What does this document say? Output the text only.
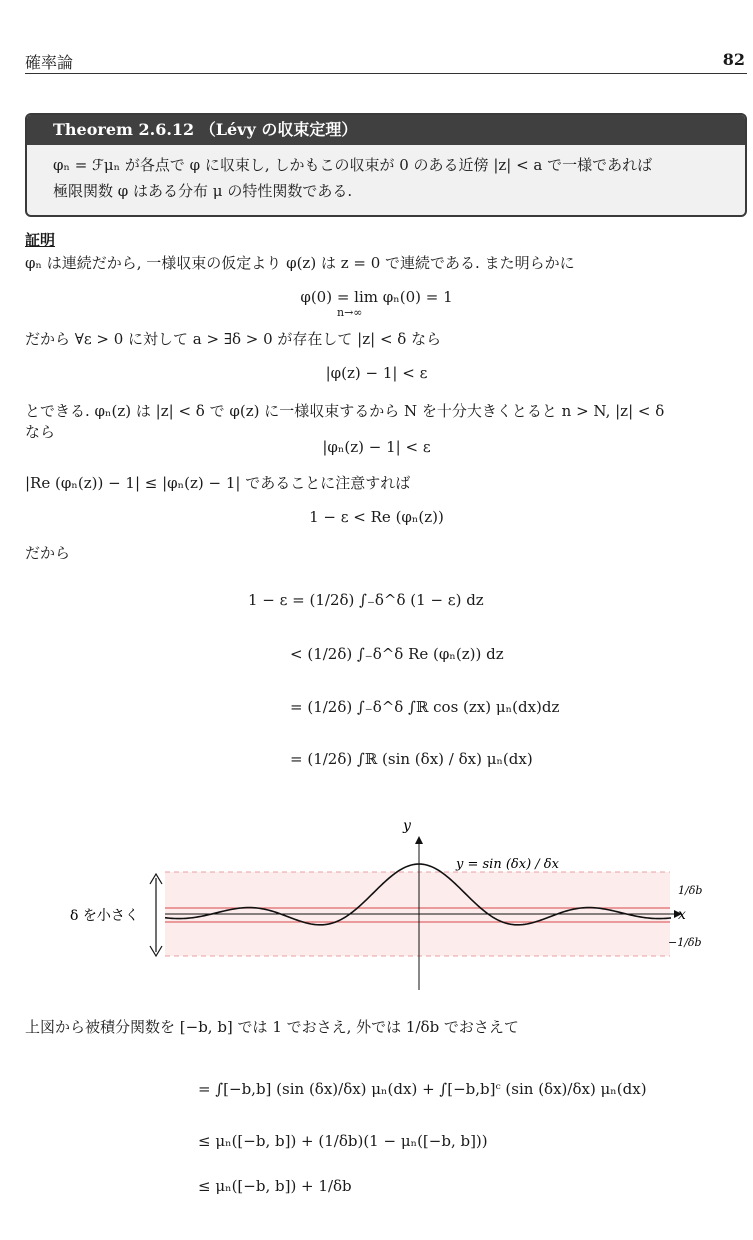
確率論	82
Theorem 2.6.12 （Lévy の収束定理）
φₙ = ℱμₙ が各点で φ に収束し, しかもこの収束が 0 のある近傍 |z| < a で一様であれば
極限関数 φ はある分布 μ の特性関数である.
証明
φₙ は連続だから, 一様収束の仮定より φ(z) は z = 0 で連続である. また明らかに
φ(0) = lim φₙ(0) = 1
n→∞
だから ∀ε > 0 に対して a > ∃δ > 0 が存在して |z| < δ なら
|φ(z) − 1| < ε
とできる. φₙ(z) は |z| < δ で φ(z) に一様収束するから N を十分大きくとると n > N, |z| < δ
なら
|φₙ(z) − 1| < ε
|Re (φₙ(z)) − 1| ≤ |φₙ(z) − 1| であることに注意すれば
1 − ε < Re (φₙ(z))
だから
1 − ε = (1/2δ) ∫₋δ^δ (1 − ε) dz
< (1/2δ) ∫₋δ^δ Re (φₙ(z)) dz
= (1/2δ) ∫₋δ^δ ∫ℝ cos (zx) μₙ(dx)dz
= (1/2δ) ∫ℝ (sin (δx) / δx) μₙ(dx)
x
y
y = sin (δx) / δx
1/δb
−1/δb
δ を小さく
上図から被積分関数を [−b, b] では 1 でおさえ, 外では 1/δb でおさえて
= ∫[−b,b] (sin (δx)/δx) μₙ(dx) + ∫[−b,b]ᶜ (sin (δx)/δx) μₙ(dx)
≤ μₙ([−b, b]) + (1/δb)(1 − μₙ([−b, b]))
≤ μₙ([−b, b]) + 1/δb
